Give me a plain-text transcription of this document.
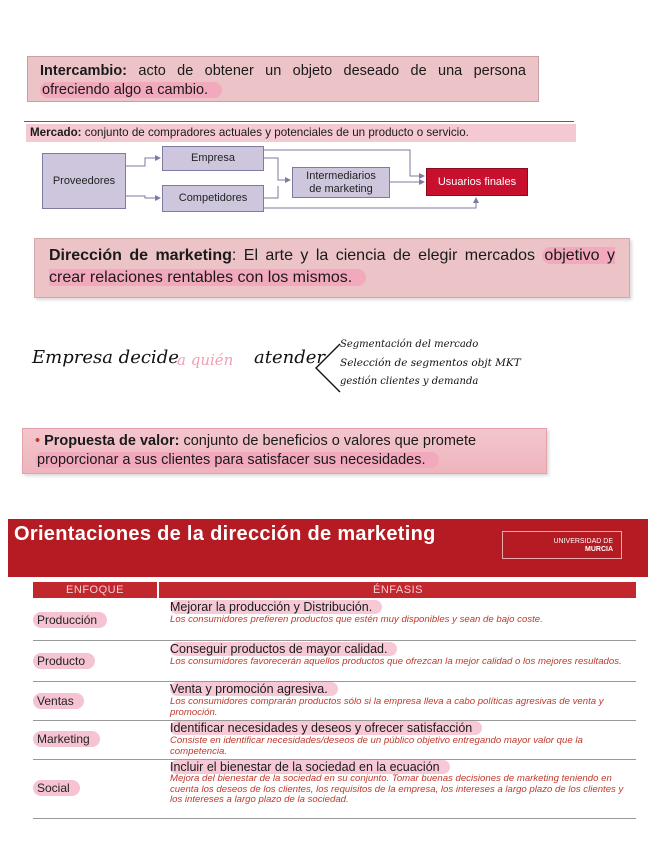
Intercambio: acto de obtener un objeto deseado de una persona ofreciendo algo a cambio.
Mercado: conjunto de compradores actuales y potenciales de un producto o servicio.
Proveedores
Empresa
Competidores
Intermediarios
de marketing
Usuarios finales
Dirección de marketing: El arte y la ciencia de elegir mercados objetivo y crear relaciones rentables con los mismos.
Empresa decide
a quién atender
Segmentación del mercado
Selección de segmentos objt MKT
gestión clientes y demanda
• Propuesta de valor: conjunto de beneficios o valores que promete proporcionar a sus clientes para satisfacer sus necesidades.
Orientaciones de la dirección de marketing	UNIVERSIDAD DE
MURCIA
ENFOQUE	ÉNFASIS
Producción
Mejorar la producción y Distribución.
Los consumidores prefieren productos que estén muy disponibles y sean de bajo coste.
Producto
Conseguir productos de mayor calidad.
Los consumidores favorecerán aquellos productos que ofrezcan la mejor calidad o los mejores resultados.
Ventas
Venta y promoción agresiva.
Los consumidores comprarán productos sólo si la empresa lleva a cabo políticas agresivas de venta y promoción.
Marketing
Identificar necesidades y deseos y ofrecer satisfacción
Consiste en identificar necesidades/deseos de un público objetivo entregando mayor valor que la competencia.
Social
Incluir el bienestar de la sociedad en la ecuación
Mejora del bienestar de la sociedad en su conjunto. Tomar buenas decisiones de marketing teniendo en cuenta los deseos de los clientes, los requisitos de la empresa, los intereses a largo plazo de los clientes y los intereses a largo plazo de la sociedad.
